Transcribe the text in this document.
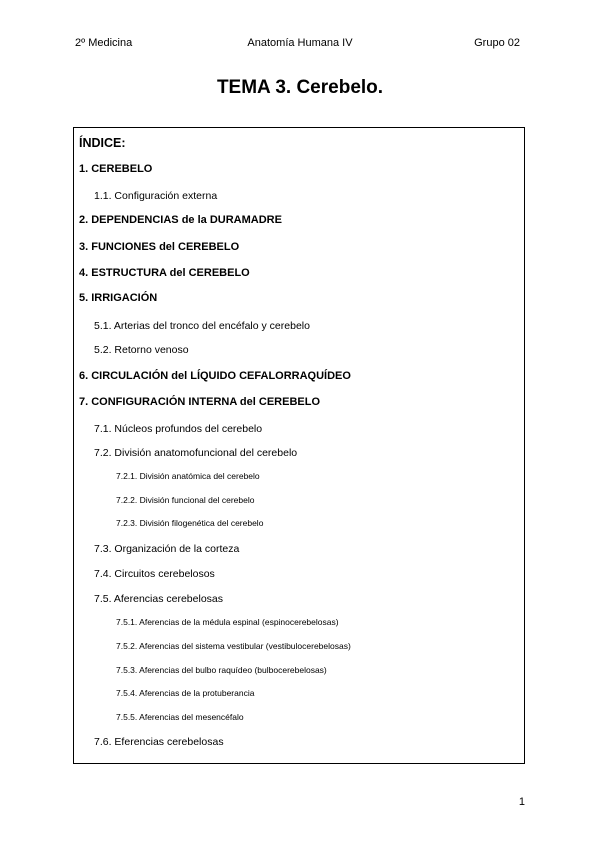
Anatomía Humana IV
2º Medicina	Grupo 02
TEMA 3. Cerebelo.
ÍNDICE:
1. CEREBELO
1.1. Configuración externa
2. DEPENDENCIAS de la DURAMADRE
3. FUNCIONES del CEREBELO
4. ESTRUCTURA del CEREBELO
5. IRRIGACIÓN
5.1. Arterias del tronco del encéfalo y cerebelo
5.2. Retorno venoso
6. CIRCULACIÓN del LÍQUIDO CEFALORRAQUÍDEO
7. CONFIGURACIÓN INTERNA del CEREBELO
7.1. Núcleos profundos del cerebelo
7.2. División anatomofuncional del cerebelo
7.2.1. División anatómica del cerebelo
7.2.2. División funcional del cerebelo
7.2.3. División filogenética del cerebelo
7.3. Organización de la corteza
7.4. Circuitos cerebelosos
7.5. Aferencias cerebelosas
7.5.1. Aferencias de la médula espinal (espinocerebelosas)
7.5.2. Aferencias del sistema vestibular (vestibulocerebelosas)
7.5.3. Aferencias del bulbo raquídeo (bulbocerebelosas)
7.5.4. Aferencias de la protuberancia
7.5.5. Aferencias del mesencéfalo
7.6. Eferencias cerebelosas
1
